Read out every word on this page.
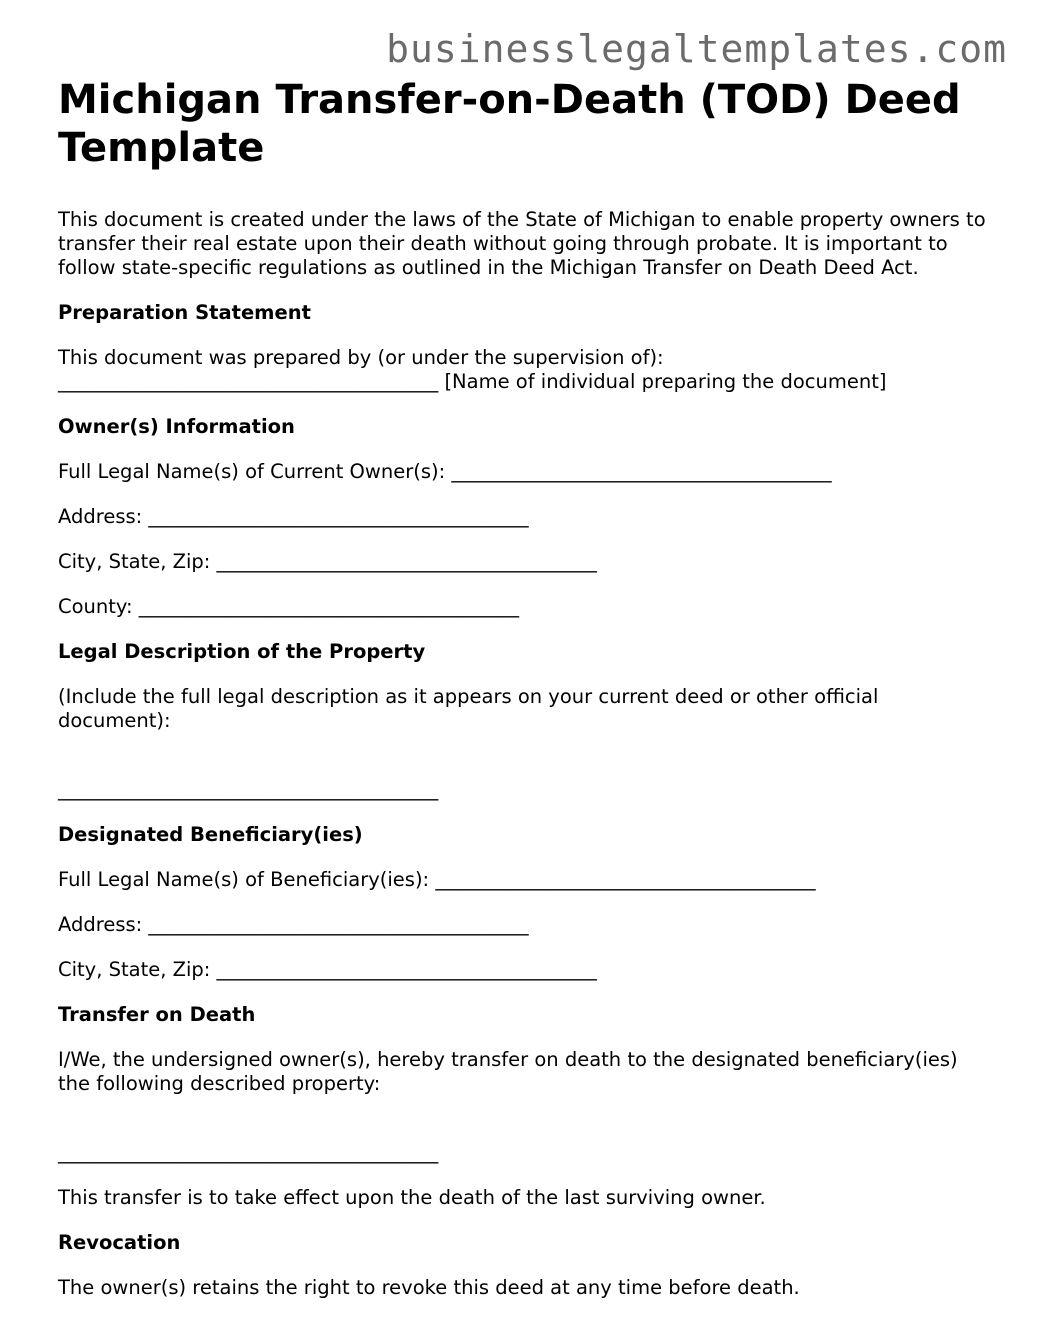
businesslegaltemplates.com
Michigan Transfer-on-Death (TOD) Deed Template

This document is created under the laws of the State of Michigan to enable property owners to transfer their real estate upon their death without going through probate. It is important to follow state-specific regulations as outlined in the Michigan Transfer on Death Deed Act.

Preparation Statement

This document was prepared by (or under the supervision of):

_______________________________________ [Name of individual preparing the document]

Owner(s) Information

Full Legal Name(s) of Current Owner(s): _______________________________________

Address: _______________________________________

City, State, Zip: _______________________________________

County: _______________________________________

Legal Description of the Property

(Include the full legal description as it appears on your current deed or other official document):

_______________________________________

Designated Beneficiary(ies)

Full Legal Name(s) of Beneficiary(ies): _______________________________________

Address: _______________________________________

City, State, Zip: _______________________________________

Transfer on Death

I/We, the undersigned owner(s), hereby transfer on death to the designated beneficiary(ies) the following described property:

_______________________________________

This transfer is to take effect upon the death of the last surviving owner.

Revocation

The owner(s) retains the right to revoke this deed at any time before death.
